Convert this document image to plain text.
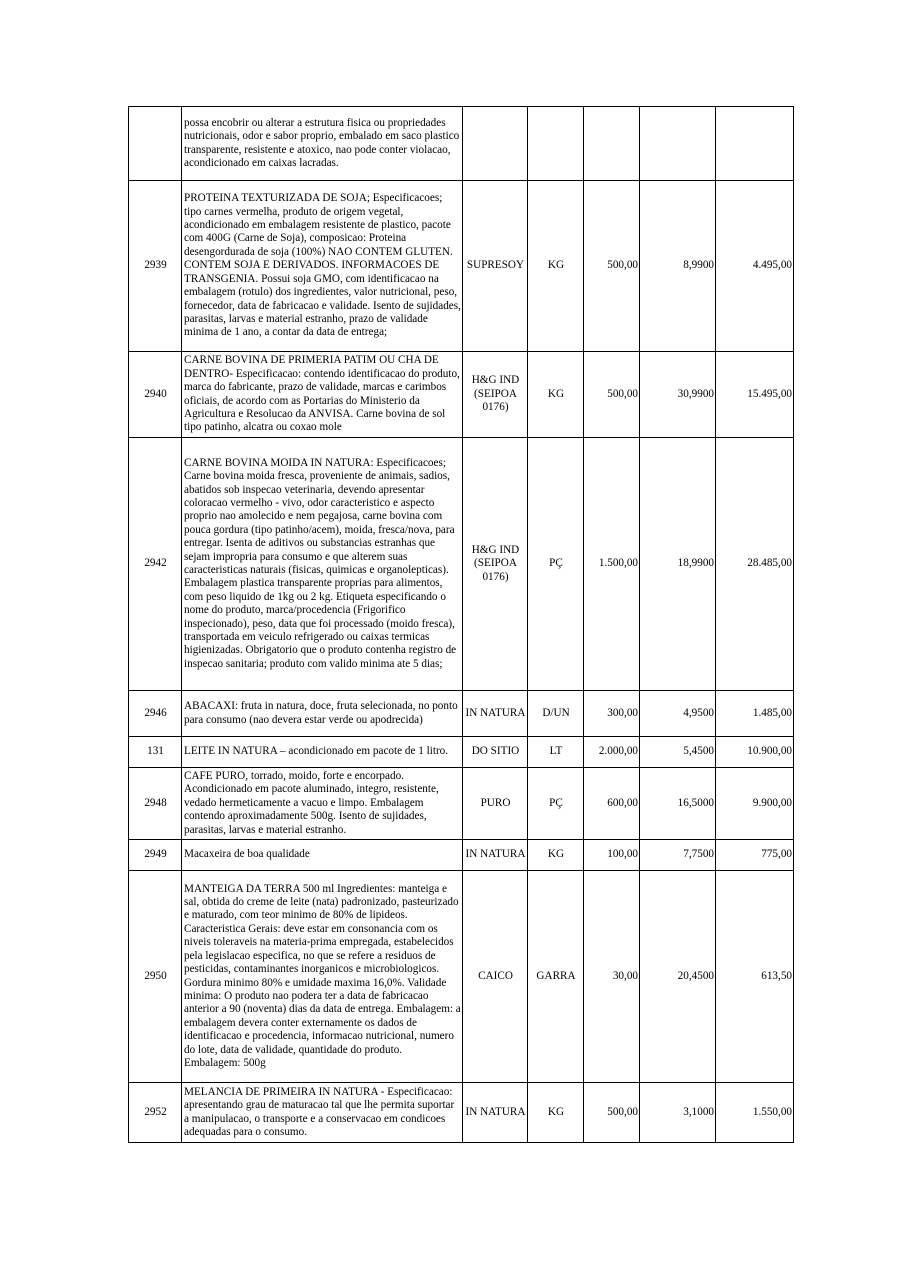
	possa encobrir ou alterar a estrutura fisica ou propriedades nutricionais, odor e sabor proprio, embalado em saco plastico transparente, resistente e atoxico, nao pode conter violacao, acondicionado em caixas lacradas.					
2939	PROTEINA TEXTURIZADA DE SOJA; Especificacoes; tipo carnes vermelha, produto de origem vegetal, acondicionado em embalagem resistente de plastico, pacote com 400G (Carne de Soja), composicao: Proteina desengordurada de soja (100%) NAO CONTEM GLUTEN. CONTEM SOJA E DERIVADOS. INFORMACOES DE TRANSGENIA. Possui soja GMO, com identificacao na embalagem (rotulo) dos ingredientes, valor nutricional, peso, fornecedor, data de fabricacao e validade. Isento de sujidades, parasitas, larvas e material estranho, prazo de validade minima de 1 ano, a contar da data de entrega;	SUPRESOY	KG	500,00	8,9900	4.495,00
2940	CARNE BOVINA DE PRIMERIA PATIM OU CHA DE DENTRO- Especificacao: contendo identificacao do produto, marca do fabricante, prazo de validade, marcas e carimbos oficiais, de acordo com as Portarias do Ministerio da Agricultura e Resolucao da ANVISA. Carne bovina de sol tipo patinho, alcatra ou coxao mole	H&G IND (SEIPOA 0176)	KG	500,00	30,9900	15.495,00
2942	CARNE BOVINA MOIDA IN NATURA: Especificacoes; Carne bovina moida fresca, proveniente de animais, sadios, abatidos sob inspecao veterinaria, devendo apresentar coloracao vermelho - vivo, odor caracteristico e aspecto proprio nao amolecido e nem pegajosa, carne bovina com pouca gordura (tipo patinho/acem), moida, fresca/nova, para entregar. Isenta de aditivos ou substancias estranhas que sejam impropria para consumo e que alterem suas caracteristicas naturais (fisicas, quimicas e organolepticas). Embalagem plastica transparente proprias para alimentos, com peso liquido de 1kg ou 2 kg. Etiqueta especificando o nome do produto, marca/procedencia (Frigorifico inspecionado), peso, data que foi processado (moido fresca), transportada em veiculo refrigerado ou caixas termicas higienizadas. Obrigatorio que o produto contenha registro de inspecao sanitaria; produto com valido minima ate 5 dias;	H&G IND (SEIPOA 0176)	PÇ	1.500,00	18,9900	28.485,00
2946	ABACAXI: fruta in natura, doce, fruta selecionada, no ponto para consumo (nao devera estar verde ou apodrecida)	IN NATURA	D/UN	300,00	4,9500	1.485,00
131	LEITE IN NATURA – acondicionado em pacote de 1 litro.	DO SITIO	LT	2.000,00	5,4500	10.900,00
2948	CAFE PURO, torrado, moido, forte e encorpado. Acondicionado em pacote aluminado, integro, resistente, vedado hermeticamente a vacuo e limpo. Embalagem contendo aproximadamente 500g. Isento de sujidades, parasitas, larvas e material estranho.	PURO	PÇ	600,00	16,5000	9.900,00
2949	Macaxeira de boa qualidade	IN NATURA	KG	100,00	7,7500	775,00
2950	MANTEIGA DA TERRA 500 ml Ingredientes: manteiga e sal, obtida do creme de leite (nata) padronizado, pasteurizado e maturado, com teor minimo de 80% de lipideos. Caracteristica Gerais: deve estar em consonancia com os niveis toleraveis na materia-prima empregada, estabelecidos pela legislacao especifica, no que se refere a residuos de pesticidas, contaminantes inorganicos e microbiologicos. Gordura minimo 80% e umidade maxima 16,0%. Validade minima: O produto nao podera ter a data de fabricacao anterior a 90 (noventa) dias da data de entrega. Embalagem: a embalagem devera conter externamente os dados de identificacao e procedencia, informacao nutricional, numero do lote, data de validade, quantidade do produto. Embalagem: 500g	CAICO	GARRA	30,00	20,4500	613,50
2952	MELANCIA DE PRIMEIRA IN NATURA - Especificacao: apresentando grau de maturacao tal que lhe permita suportar a manipulacao, o transporte e a conservacao em condicoes adequadas para o consumo.	IN NATURA	KG	500,00	3,1000	1.550,00
